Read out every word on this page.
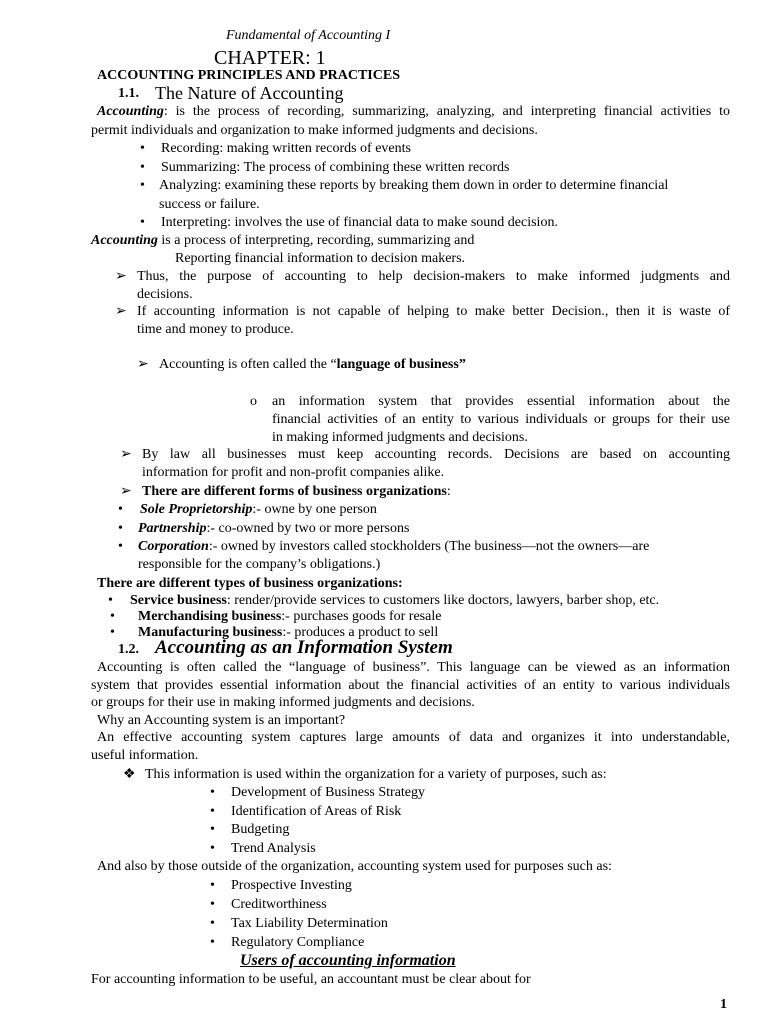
Fundamental of Accounting I
CHAPTER: 1
ACCOUNTING PRINCIPLES AND PRACTICES
1.1. The Nature of Accounting
Accounting: is the process of recording, summarizing, analyzing, and interpreting financial activities to
permit individuals and organization to make informed judgments and decisions.
• Recording: making written records of events
• Summarizing: The process of combining these written records
• Analyzing: examining these reports by breaking them down in order to determine financial
success or failure.
• Interpreting: involves the use of financial data to make sound decision.
Accounting is a process of interpreting, recording, summarizing and
Reporting financial information to decision makers.
➢ Thus, the purpose of accounting to help decision-makers to make informed judgments and
decisions.
➢ If accounting information is not capable of helping to make better Decision., then it is waste of
time and money to produce.
➢ Accounting is often called the “language of business”
o an information system that provides essential information about the
financial activities of an entity to various individuals or groups for their use
in making informed judgments and decisions.
➢ By law all businesses must keep accounting records. Decisions are based on accounting
information for profit and non-profit companies alike.
➢ There are different forms of business organizations:
• Sole Proprietorship:- owne by one person
• Partnership:- co-owned by two or more persons
• Corporation:- owned by investors called stockholders (The business—not the owners—are
responsible for the company’s obligations.)
There are different types of business organizations:
• Service business: render/provide services to customers like doctors, lawyers, barber shop, etc.
• Merchandising business:- purchases goods for resale
• Manufacturing business:- produces a product to sell
1.2. Accounting as an Information System
Accounting is often called the “language of business”. This language can be viewed as an information
system that provides essential information about the financial activities of an entity to various individuals
or groups for their use in making informed judgments and decisions.
Why an Accounting system is an important?
An effective accounting system captures large amounts of data and organizes it into understandable,
useful information.
❖ This information is used within the organization for a variety of purposes, such as:
• Development of Business Strategy
• Identification of Areas of Risk
• Budgeting
• Trend Analysis
And also by those outside of the organization, accounting system used for purposes such as:
• Prospective Investing
• Creditworthiness
• Tax Liability Determination
• Regulatory Compliance
Users of accounting information
For accounting information to be useful, an accountant must be clear about for
1
